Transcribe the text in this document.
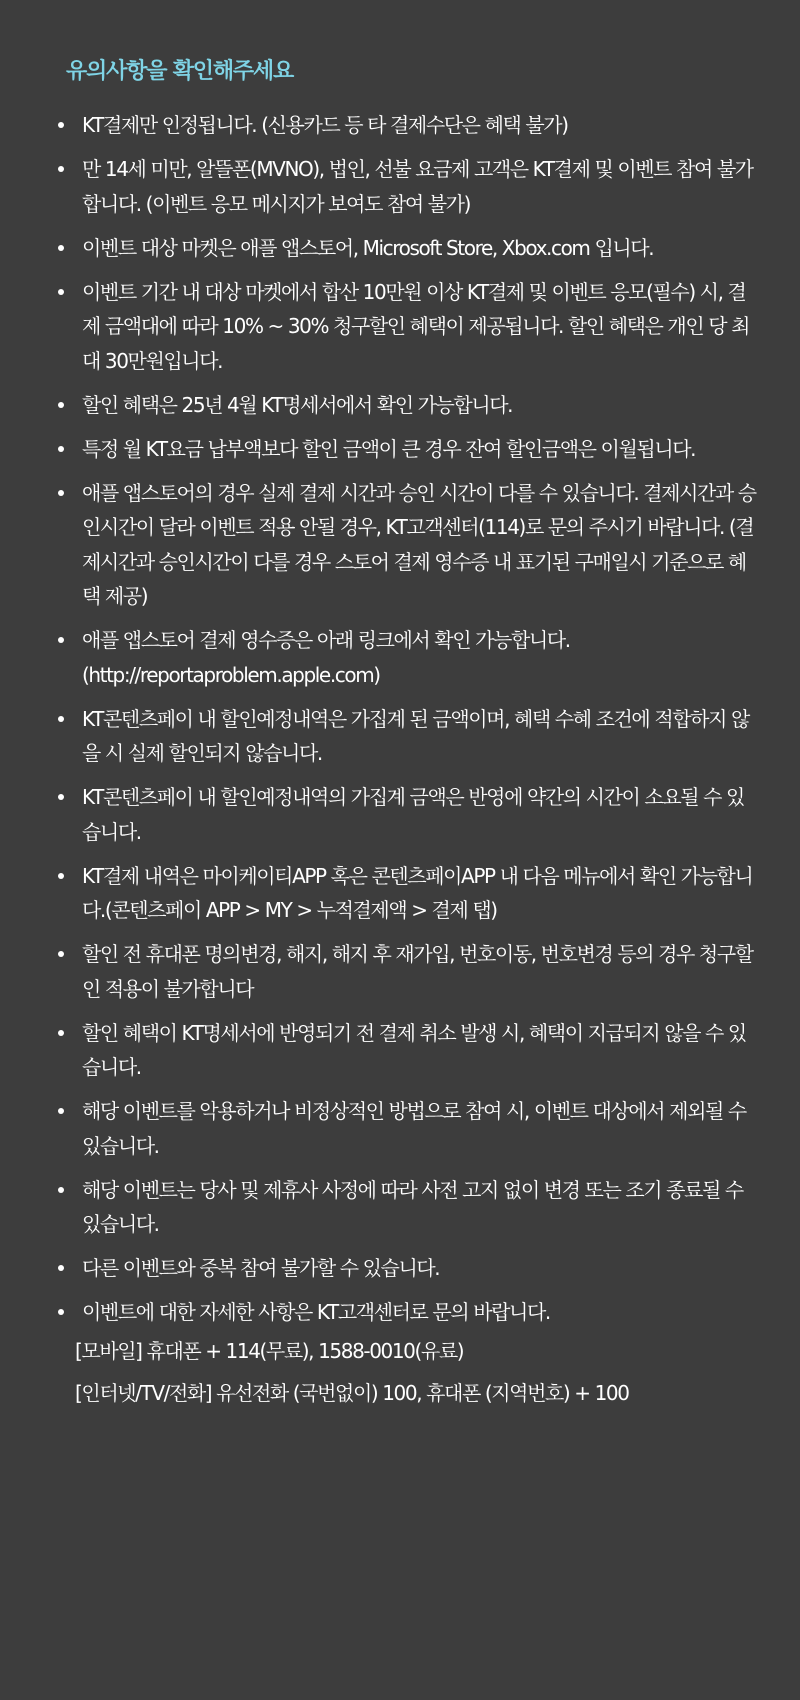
유의사항을 확인해주세요
KT결제만 인정됩니다. (신용카드 등 타 결제수단은 혜택 불가)
만 14세 미만, 알뜰폰(MVNO), 법인, 선불 요금제 고객은 KT결제 및 이벤트 참여 불가합니다. (이벤트 응모 메시지가 보여도 참여 불가)
이벤트 대상 마켓은 애플 앱스토어, Microsoft Store, Xbox.com 입니다.
이벤트 기간 내 대상 마켓에서 합산 10만원 이상 KT결제 및 이벤트 응모(필수) 시, 결제 금액대에 따라 10% ~ 30% 청구할인 혜택이 제공됩니다. 할인 혜택은 개인 당 최대 30만원입니다.
할인 혜택은 25년 4월 KT명세서에서 확인 가능합니다.
특정 월 KT요금 납부액보다 할인 금액이 큰 경우 잔여 할인금액은 이월됩니다.
애플 앱스토어의 경우 실제 결제 시간과 승인 시간이 다를 수 있습니다. 결제시간과 승인시간이 달라 이벤트 적용 안될 경우, KT고객센터(114)로 문의 주시기 바랍니다. (결제시간과 승인시간이 다를 경우 스토어 결제 영수증 내 표기된 구매일시 기준으로 혜택 제공)
애플 앱스토어 결제 영수증은 아래 링크에서 확인 가능합니다. (http://reportaproblem.apple.com)
KT콘텐츠페이 내 할인예정내역은 가집계 된 금액이며, 혜택 수혜 조건에 적합하지 않을 시 실제 할인되지 않습니다.
KT콘텐츠페이 내 할인예정내역의 가집계 금액은 반영에 약간의 시간이 소요될 수 있습니다.
KT결제 내역은 마이케이티APP 혹은 콘텐츠페이APP 내 다음 메뉴에서 확인 가능합니다.(콘텐츠페이 APP > MY > 누적결제액 > 결제 탭)
할인 전 휴대폰 명의변경, 해지, 해지 후 재가입, 번호이동, 번호변경 등의 경우 청구할인 적용이 불가합니다
할인 혜택이 KT명세서에 반영되기 전 결제 취소 발생 시, 혜택이 지급되지 않을 수 있습니다.
해당 이벤트를 악용하거나 비정상적인 방법으로 참여 시, 이벤트 대상에서 제외될 수 있습니다.
해당 이벤트는 당사 및 제휴사 사정에 따라 사전 고지 없이 변경 또는 조기 종료될 수 있습니다.
다른 이벤트와 중복 참여 불가할 수 있습니다.
이벤트에 대한 자세한 사항은 KT고객센터로 문의 바랍니다.
[모바일] 휴대폰 + 114(무료), 1588-0010(유료)
[인터넷/TV/전화] 유선전화 (국번없이) 100, 휴대폰 (지역번호) + 100
